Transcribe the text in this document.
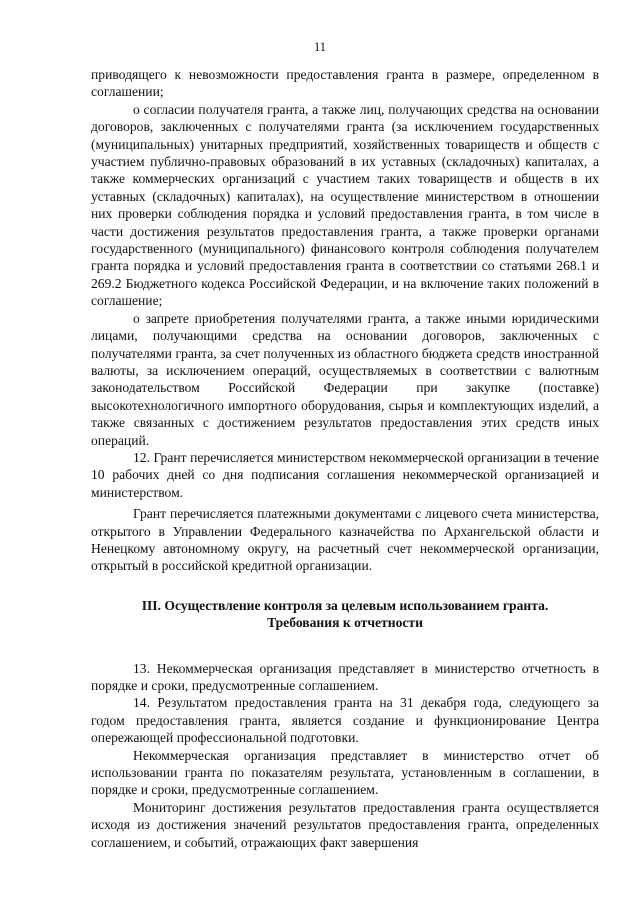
11

приводящего к невозможности предоставления гранта в размере, определенном в соглашении;

о согласии получателя гранта, а также лиц, получающих средства на основании договоров, заключенных с получателями гранта (за исключением государственных (муниципальных) унитарных предприятий, хозяйственных товариществ и обществ с участием публично-правовых образований в их уставных (складочных) капиталах, а также коммерческих организаций с участием таких товариществ и обществ в их уставных (складочных) капиталах), на осуществление министерством в отношении них проверки соблюдения порядка и условий предоставления гранта, в том числе в части достижения результатов предоставления гранта, а также проверки органами государственного (муниципального) финансового контроля соблюдения получателем гранта порядка и условий предоставления гранта в соответствии со статьями 268.1 и 269.2 Бюджетного кодекса Российской Федерации, и на включение таких положений в соглашение;

о запрете приобретения получателями гранта, а также иными юридическими лицами, получающими средства на основании договоров, заключенных с получателями гранта, за счет полученных из областного бюджета средств иностранной валюты, за исключением операций, осуществляемых в соответствии с валютным законодательством Российской Федерации при закупке (поставке) высокотехнологичного импортного оборудования, сырья и комплектующих изделий, а также связанных с достижением результатов предоставления этих средств иных операций.

12. Грант перечисляется министерством некоммерческой организации в течение 10 рабочих дней со дня подписания соглашения некоммерческой организацией и министерством.

Грант перечисляется платежными документами с лицевого счета министерства, открытого в Управлении Федерального казначейства по Архангельской области и Ненецкому автономному округу, на расчетный счет некоммерческой организации, открытый в российской кредитной организации.

III. Осуществление контроля за целевым использованием гранта.
Требования к отчетности

13. Некоммерческая организация представляет в министерство отчетность в порядке и сроки, предусмотренные соглашением.

14. Результатом предоставления гранта на 31 декабря года, следующего за годом предоставления гранта, является создание и функционирование Центра опережающей профессиональной подготовки.

Некоммерческая организация представляет в министерство отчет об использовании гранта по показателям результата, установленным в соглашении, в порядке и сроки, предусмотренные соглашением.

Мониторинг достижения результатов предоставления гранта осуществляется исходя из достижения значений результатов предоставления гранта, определенных соглашением, и событий, отражающих факт завершения
